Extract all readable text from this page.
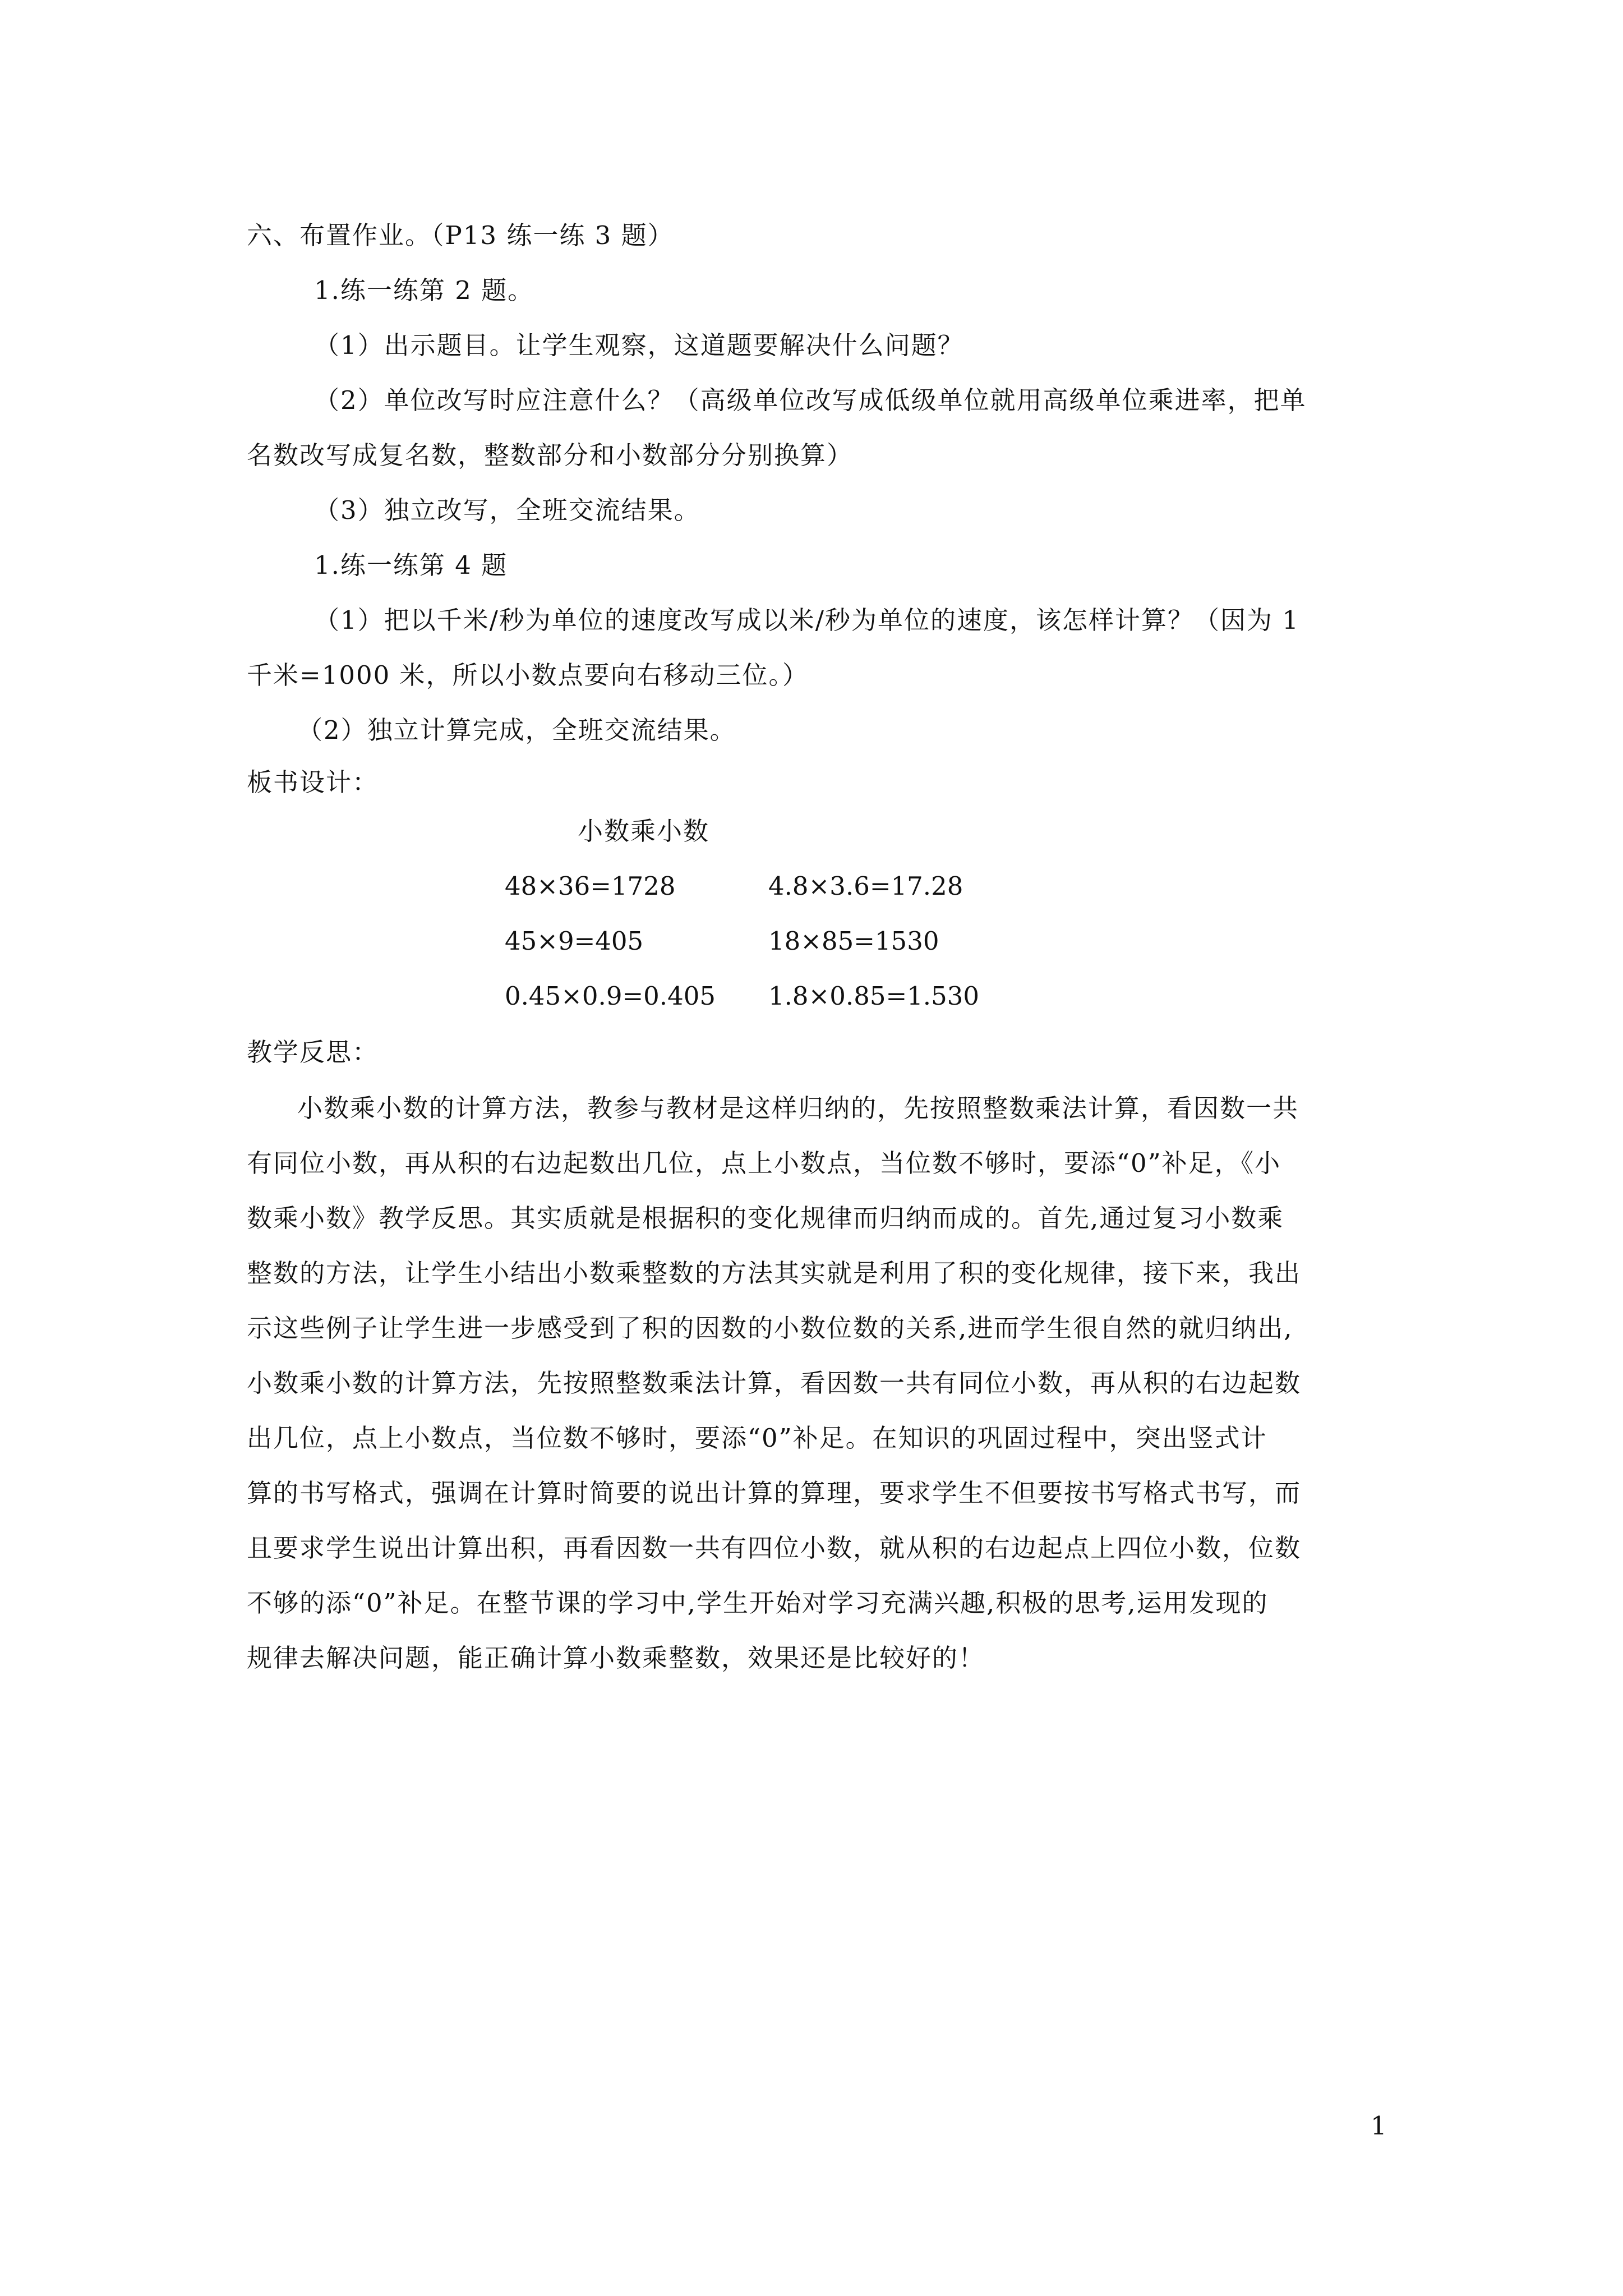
六、布置作业。（P13 练一练 3 题）
1.练一练第 2 题。
（1）出示题目。让学生观察，这道题要解决什么问题？
（2）单位改写时应注意什么？（高级单位改写成低级单位就用高级单位乘进率，把单
名数改写成复名数，整数部分和小数部分分别换算）
（3）独立改写，全班交流结果。
1.练一练第 4 题
（1）把以千米/秒为单位的速度改写成以米/秒为单位的速度，该怎样计算？（因为 1
千米=1000 米，所以小数点要向右移动三位。）
（2）独立计算完成，全班交流结果。
板书设计：
小数乘小数
48×36=1728	4.8×3.6=17.28
45×9=405	18×85=1530
0.45×0.9=0.405 1.8×0.85=1.530
教学反思：
小数乘小数的计算方法，教参与教材是这样归纳的，先按照整数乘法计算，看因数一共
有同位小数，再从积的右边起数出几位，点上小数点，当位数不够时，要添“0”补足，《小
数乘小数》教学反思。其实质就是根据积的变化规律而归纳而成的。首先,通过复习小数乘
整数的方法，让学生小结出小数乘整数的方法其实就是利用了积的变化规律，接下来，我出
示这些例子让学生进一步感受到了积的因数的小数位数的关系,进而学生很自然的就归纳出,
小数乘小数的计算方法，先按照整数乘法计算，看因数一共有同位小数，再从积的右边起数
出几位，点上小数点，当位数不够时，要添“0”补足。在知识的巩固过程中，突出竖式计
算的书写格式，强调在计算时简要的说出计算的算理，要求学生不但要按书写格式书写，而
且要求学生说出计算出积，再看因数一共有四位小数，就从积的右边起点上四位小数，位数
不够的添“0”补足。在整节课的学习中,学生开始对学习充满兴趣,积极的思考,运用发现的
规律去解决问题，能正确计算小数乘整数，效果还是比较好的！
1
